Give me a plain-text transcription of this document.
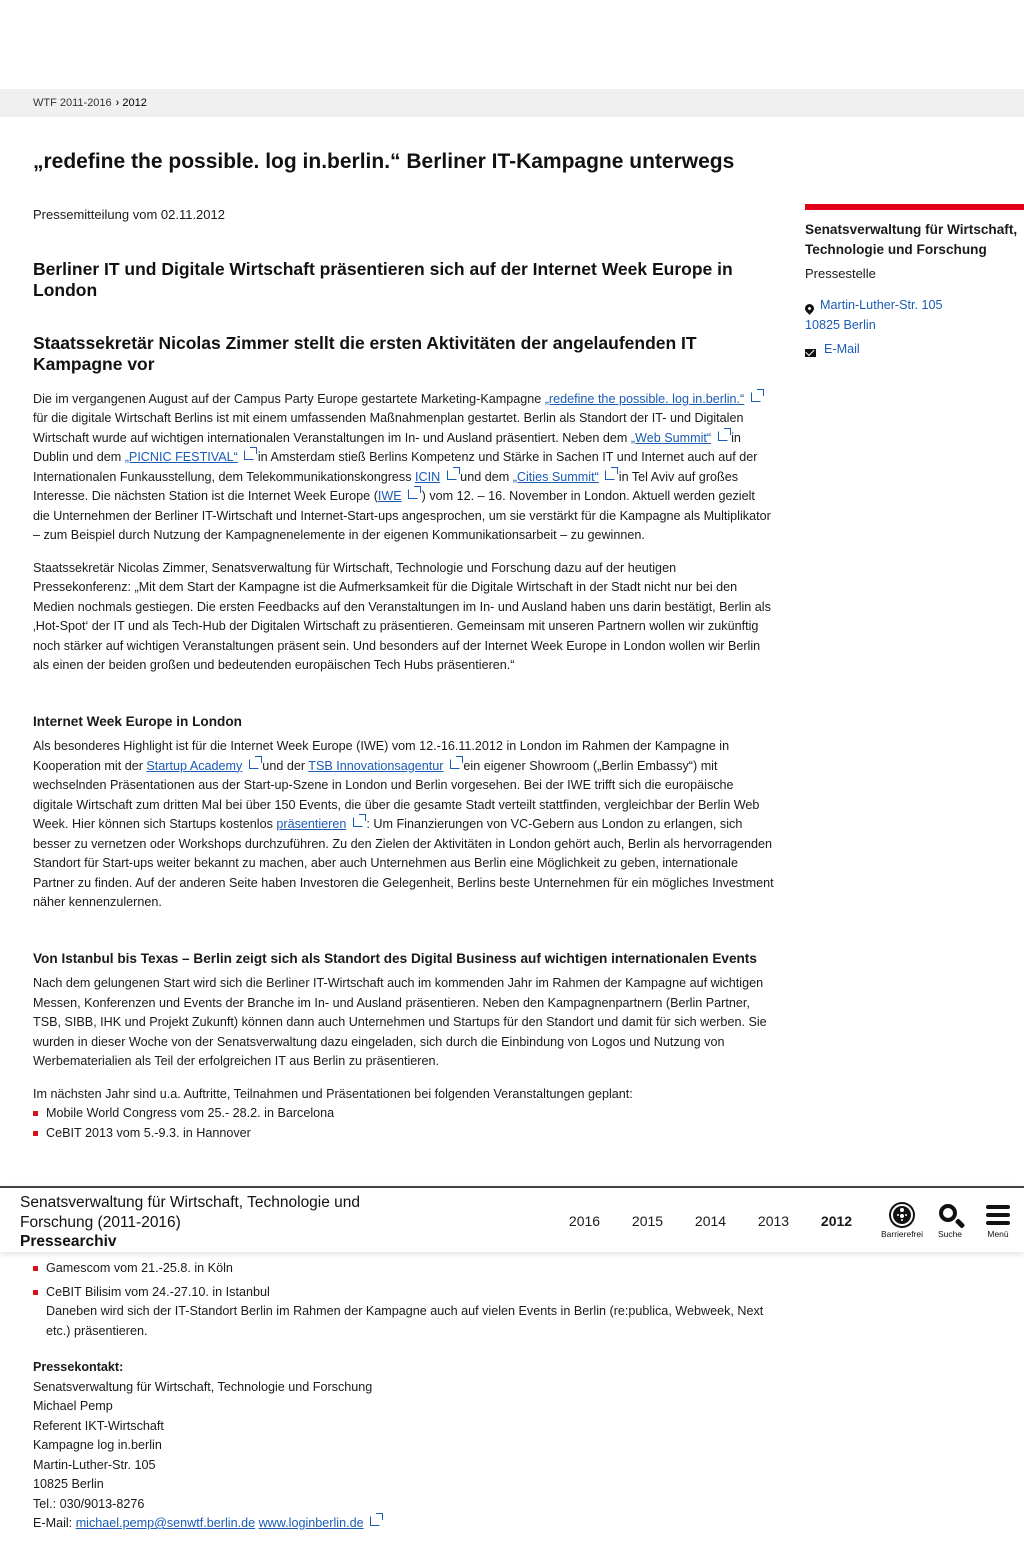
WTF 2011-2016 › 2012
„redefine the possible. log in.berlin.“ Berliner IT-Kampagne unterwegs
Pressemitteilung vom 02.11.2012
Berliner IT und Digitale Wirtschaft präsentieren sich auf der Internet Week Europe in London
Staatssekretär Nicolas Zimmer stellt die ersten Aktivitäten der angelaufenden IT Kampagne vor

Die im vergangenen August auf der Campus Party Europe gestartete Marketing-Kampagne „redefine the possible. log in.berlin.“  für die digitale Wirtschaft Berlins ist mit einem umfassenden Maßnahmenplan gestartet. Berlin als Standort der IT- und Digitalen Wirtschaft wurde auf wichtigen internationalen Veranstaltungen im In- und Ausland präsentiert. Neben dem „Web Summit“  in Dublin und dem „PICNIC FESTIVAL“  in Amsterdam stieß Berlins Kompetenz und Stärke in Sachen IT und Internet auch auf der Internationalen Funkausstellung, dem Telekommunikationskongress ICIN  und dem „Cities Summit“  in Tel Aviv auf großes Interesse. Die nächsten Station ist die Internet Week Europe (IWE  ) vom 12. – 16. November in London. Aktuell werden gezielt die Unternehmen der Berliner IT-Wirtschaft und Internet-Start-ups angesprochen, um sie verstärkt für die Kampagne als Multiplikator – zum Beispiel durch Nutzung der Kampagnenelemente in der eigenen Kommunikationsarbeit – zu gewinnen.

Staatssekretär Nicolas Zimmer, Senatsverwaltung für Wirtschaft, Technologie und Forschung dazu auf der heutigen Pressekonferenz: „Mit dem Start der Kampagne ist die Aufmerksamkeit für die Digitale Wirtschaft in der Stadt nicht nur bei den Medien nochmals gestiegen. Die ersten Feedbacks auf den Veranstaltungen im In- und Ausland haben uns darin bestätigt, Berlin als ‚Hot-Spot‘ der IT und als Tech-Hub der Digitalen Wirtschaft zu präsentieren. Gemeinsam mit unseren Partnern wollen wir zukünftig noch stärker auf wichtigen Veranstaltungen präsent sein. Und besonders auf der Internet Week Europe in London wollen wir Berlin als einen der beiden großen und bedeutenden europäischen Tech Hubs präsentieren.“

Internet Week Europe in London

Als besonderes Highlight ist für die Internet Week Europe (IWE) vom 12.-16.11.2012 in London im Rahmen der Kampagne in Kooperation mit der Startup Academy  und der TSB Innovationsagentur  ein eigener Showroom („Berlin Embassy“) mit wechselnden Präsentationen aus der Start-up-Szene in London und Berlin vorgesehen. Bei der IWE trifft sich die europäische digitale Wirtschaft zum dritten Mal bei über 150 Events, die über die gesamte Stadt verteilt stattfinden, vergleichbar der Berlin Web Week. Hier können sich Startups kostenlos präsentieren  : Um Finanzierungen von VC-Gebern aus London zu erlangen, sich besser zu vernetzen oder Workshops durchzuführen. Zu den Zielen der Aktivitäten in London gehört auch, Berlin als hervorragenden Standort für Start-ups weiter bekannt zu machen, aber auch Unternehmen aus Berlin eine Möglichkeit zu geben, internationale Partner zu finden. Auf der anderen Seite haben Investoren die Gelegenheit, Berlins beste Unternehmen für ein mögliches Investment näher kennenzulernen.

Von Istanbul bis Texas – Berlin zeigt sich als Standort des Digital Business auf wichtigen internationalen Events

Nach dem gelungenen Start wird sich die Berliner IT-Wirtschaft auch im kommenden Jahr im Rahmen der Kampagne auf wichtigen Messen, Konferenzen und Events der Branche im In- und Ausland präsentieren. Neben den Kampagnenpartnern (Berlin Partner, TSB, SIBB, IHK und Projekt Zukunft) können dann auch Unternehmen und Startups für den Standort und damit für sich werben. Sie wurden in dieser Woche von der Senatsverwaltung dazu eingeladen, sich durch die Einbindung von Logos und Nutzung von Werbematerialien als Teil der erfolgreichen IT aus Berlin zu präsentieren.

Im nächsten Jahr sind u.a. Auftritte, Teilnahmen und Präsentationen bei folgenden Veranstaltungen geplant:

Mobile World Congress vom 25.- 28.2. in Barcelona
CeBIT 2013 vom 5.-9.3. in Hannover
Senatsverwaltung für Wirtschaft, Technologie und Forschung
Pressestelle
Martin-Luther-Str. 105
10825 Berlin
E-Mail
Senatsverwaltung für Wirtschaft, Technologie und
Forschung (2011-2016)
Pressearchiv
2016	2015	2014	2013	2012
Barrierefrei	Suche	Menü
Gamescom vom 21.-25.8. in Köln
CeBIT Bilisim vom 24.-27.10. in Istanbul

Daneben wird sich der IT-Standort Berlin im Rahmen der Kampagne auch auf vielen Events in Berlin (re:publica, Webweek, Next etc.) präsentieren.

Pressekontakt:
Senatsverwaltung für Wirtschaft, Technologie und Forschung
Michael Pemp
Referent IKT-Wirtschaft
Kampagne log in.berlin
Martin-Luther-Str. 105
10825 Berlin
Tel.: 030/9013-8276
E-Mail: michael.pemp@senwtf.berlin.de www.loginberlin.de
